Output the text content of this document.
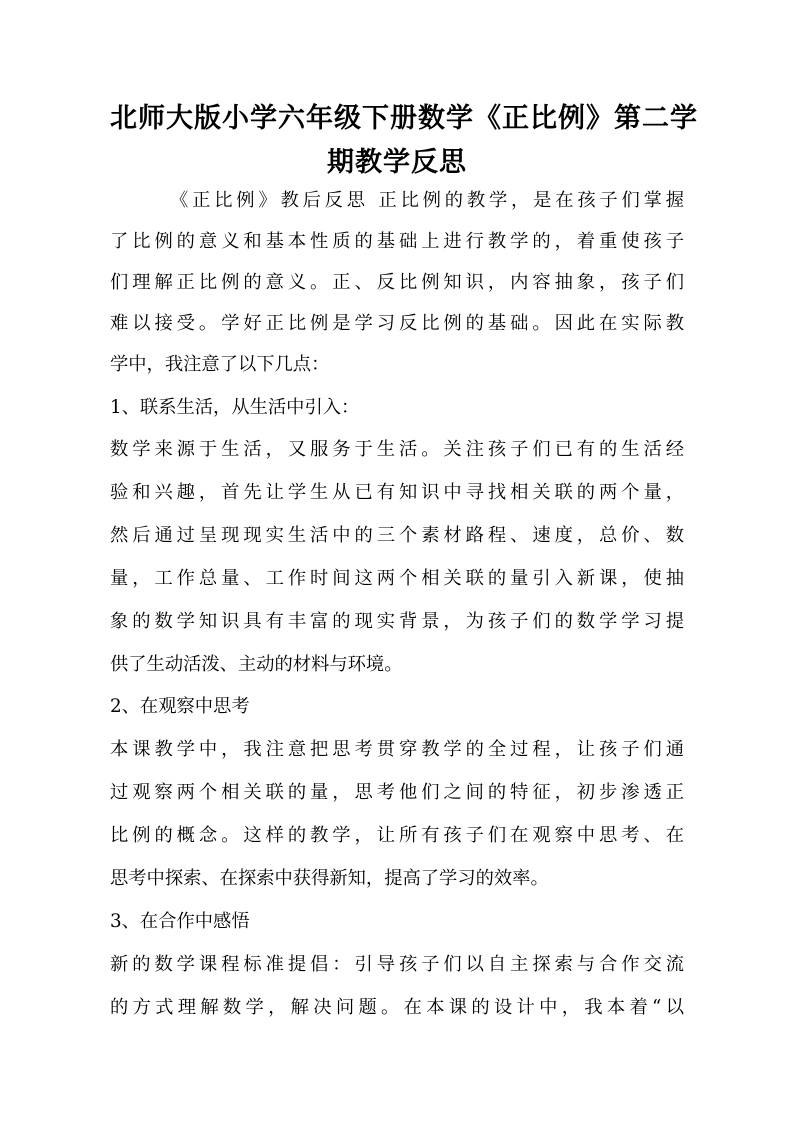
北师大版小学六年级下册数学《正比例》第二学
期教学反思
《正比例》教后反思 正比例的教学，是在孩子们掌握
了比例的意义和基本性质的基础上进行教学的，着重使孩子
们理解正比例的意义。正、反比例知识，内容抽象，孩子们
难以接受。学好正比例是学习反比例的基础。因此在实际教
学中，我注意了以下几点：
1、联系生活，从生活中引入：
数学来源于生活，又服务于生活。关注孩子们已有的生活经
验和兴趣，首先让学生从已有知识中寻找相关联的两个量，
然后通过呈现现实生活中的三个素材路程、速度，总价、数
量，工作总量、工作时间这两个相关联的量引入新课，使抽
象的数学知识具有丰富的现实背景，为孩子们的数学学习提
供了生动活泼、主动的材料与环境。
2、在观察中思考
本课教学中，我注意把思考贯穿教学的全过程，让孩子们通
过观察两个相关联的量，思考他们之间的特征，初步渗透正
比例的概念。这样的教学，让所有孩子们在观察中思考、在
思考中探索、在探索中获得新知，提高了学习的效率。
3、在合作中感悟
新的数学课程标准提倡：引导孩子们以自主探索与合作交流
的方式理解数学，解决问题。在本课的设计中，我本着“以
